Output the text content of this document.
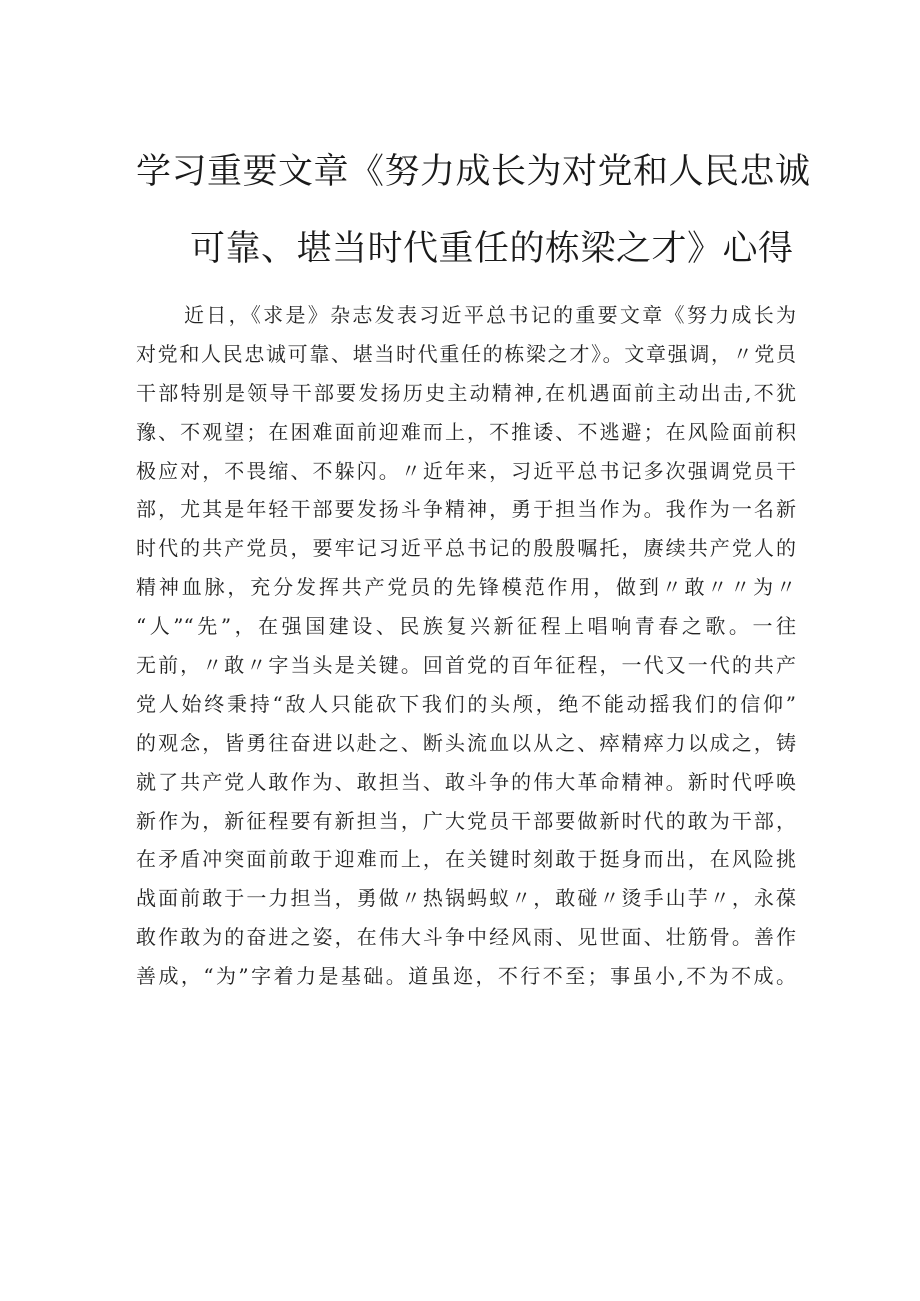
学习重要文章《努力成长为对党和人民忠诚
可靠、堪当时代重任的栋梁之才》心得
近日，《求是》杂志发表习近平总书记的重要文章《努力成长为
对党和人民忠诚可靠、堪当时代重任的栋梁之才》。文章强调，〃党员
干部特别是领导干部要发扬历史主动精神,在机遇面前主动出击,不犹
豫、不观望；在困难面前迎难而上，不推诿、不逃避；在风险面前积
极应对，不畏缩、不躲闪。〃近年来，习近平总书记多次强调党员干
部，尤其是年轻干部要发扬斗争精神，勇于担当作为。我作为一名新
时代的共产党员，要牢记习近平总书记的殷殷嘱托，赓续共产党人的
精神血脉，充分发挥共产党员的先锋模范作用，做到〃敢〃〃为〃
“人”“先”，在强国建设、民族复兴新征程上唱响青春之歌。一往
无前，〃敢〃字当头是关键。回首党的百年征程，一代又一代的共产
党人始终秉持“敌人只能砍下我们的头颅，绝不能动摇我们的信仰”
的观念，皆勇往奋进以赴之、断头流血以从之、瘁精瘁力以成之，铸
就了共产党人敢作为、敢担当、敢斗争的伟大革命精神。新时代呼唤
新作为，新征程要有新担当，广大党员干部要做新时代的敢为干部，
在矛盾冲突面前敢于迎难而上，在关键时刻敢于挺身而出，在风险挑
战面前敢于一力担当，勇做〃热锅蚂蚁〃，敢碰〃烫手山芋〃，永葆
敢作敢为的奋进之姿，在伟大斗争中经风雨、见世面、壮筋骨。善作
善成，“为”字着力是基础。道虽迩，不行不至；事虽小,不为不成。
